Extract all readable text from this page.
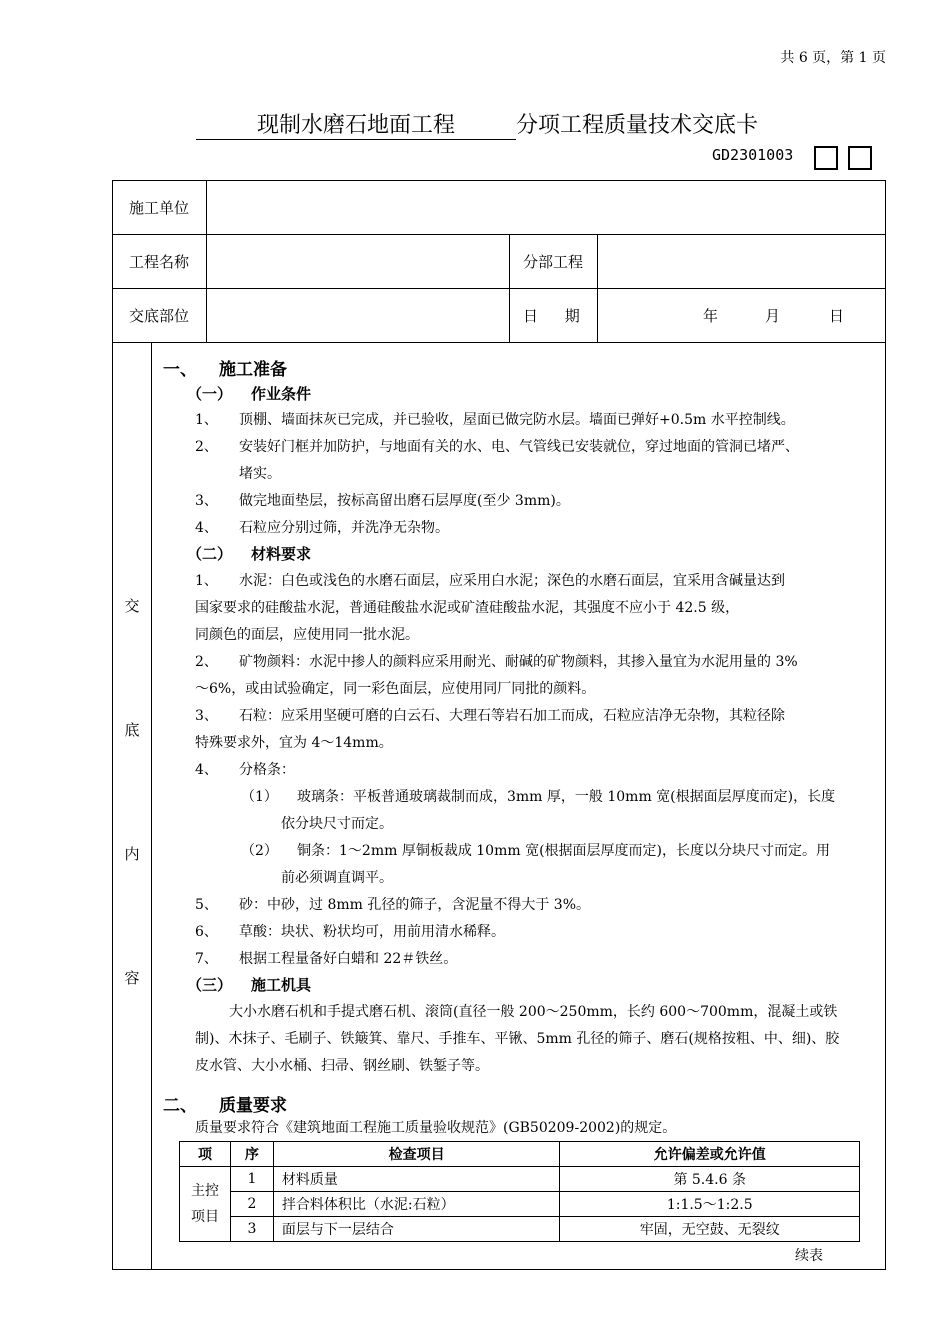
共 6 页，第 1 页
现制水磨石地面工程	分项工程质量技术交底卡
GD2301003
施工单位
工程名称	分部工程
交底部位	日 期	年	月	日
交
底
内
容
一、 施工准备
（一） 作业条件
1、 顶棚、墙面抹灰已完成，并已验收，屋面已做完防水层。墙面已弹好+0.5m 水平控制线。
2、 安装好门框并加防护，与地面有关的水、电、气管线已安装就位，穿过地面的管洞已堵严、
堵实。
3、 做完地面垫层，按标高留出磨石层厚度(至少 3mm)。
4、 石粒应分别过筛，并洗净无杂物。
（二） 材料要求
1、 水泥：白色或浅色的水磨石面层，应采用白水泥；深色的水磨石面层，宜采用含碱量达到
国家要求的硅酸盐水泥，普通硅酸盐水泥或矿渣硅酸盐水泥，其强度不应小于 42.5 级，
同颜色的面层，应使用同一批水泥。
2、 矿物颜料：水泥中掺人的颜料应采用耐光、耐碱的矿物颜料，其掺入量宜为水泥用量的 3%
～6%，或由试验确定，同一彩色面层，应使用同厂同批的颜料。
3、 石粒：应采用坚硬可磨的白云石、大理石等岩石加工而成，石粒应洁净无杂物，其粒径除
特殊要求外，宜为 4～14mm。
4、 分格条：
（1） 玻璃条：平板普通玻璃裁制而成，3mm 厚，一般 10mm 宽(根据面层厚度而定)，长度
依分块尺寸而定。
（2） 铜条：1～2mm 厚铜板裁成 10mm 宽(根据面层厚度而定)，长度以分块尺寸而定。用
前必须调直调平。
5、 砂：中砂，过 8mm 孔径的筛子，含泥量不得大于 3%。
6、 草酸：块状、粉状均可，用前用清水稀释。
7、 根据工程量备好白蜡和 22＃铁丝。
（三） 施工机具
大小水磨石机和手提式磨石机、滚筒(直径一般 200～250mm，长约 600～700mm，混凝土或铁
制)、木抹子、毛刷子、铁簸箕、靠尺、手推车、平锹、5mm 孔径的筛子、磨石(规格按粗、中、细)、胶
皮水管、大小水桶、扫帚、钢丝刷、铁錾子等。
二、 质量要求
质量要求符合《建筑地面工程施工质量验收规范》(GB50209-2002)的规定。
项	序	检查项目	允许偏差或允许值
主控项目	1	材料质量	第 5.4.6 条
	2	拌合料体积比（水泥:石粒）	1:1.5～1:2.5
	3	面层与下一层结合	牢固，无空鼓、无裂纹
续表
